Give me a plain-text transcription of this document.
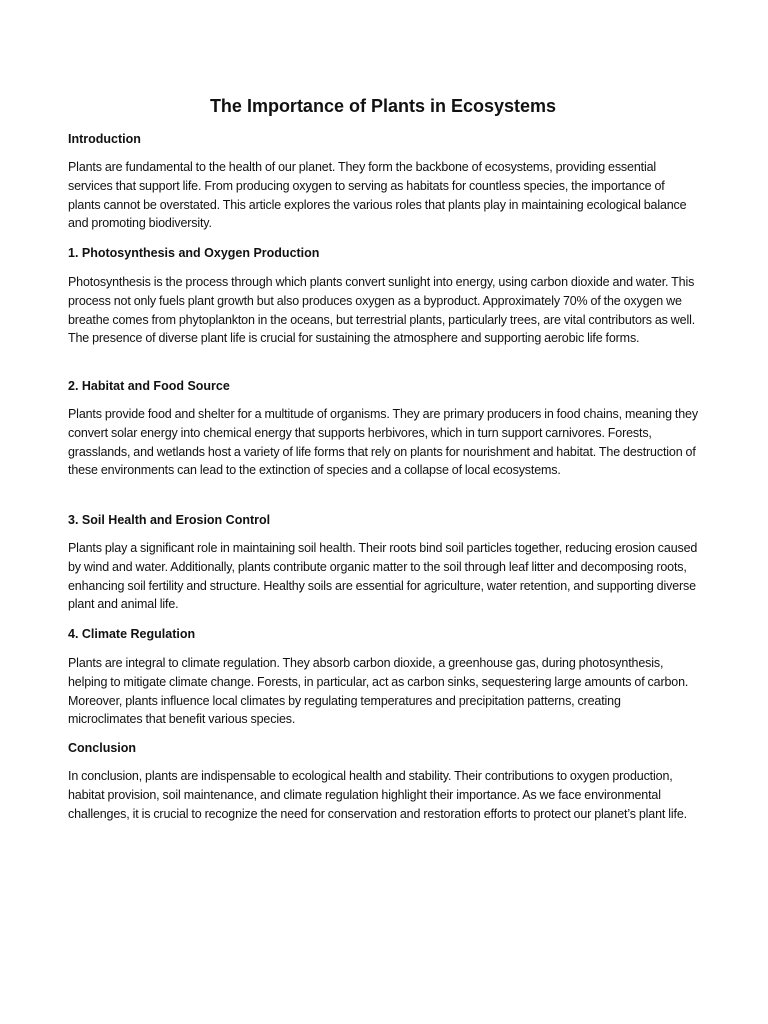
The Importance of Plants in Ecosystems
Introduction

Plants are fundamental to the health of our planet. They form the backbone of ecosystems, providing essential services that support life. From producing oxygen to serving as habitats for countless species, the importance of plants cannot be overstated. This article explores the various roles that plants play in maintaining ecological balance and promoting biodiversity.

1. Photosynthesis and Oxygen Production

Photosynthesis is the process through which plants convert sunlight into energy, using carbon dioxide and water. This process not only fuels plant growth but also produces oxygen as a byproduct. Approximately 70% of the oxygen we breathe comes from phytoplankton in the oceans, but terrestrial plants, particularly trees, are vital contributors as well. The presence of diverse plant life is crucial for sustaining the atmosphere and supporting aerobic life forms.

2. Habitat and Food Source

Plants provide food and shelter for a multitude of organisms. They are primary producers in food chains, meaning they convert solar energy into chemical energy that supports herbivores, which in turn support carnivores. Forests, grasslands, and wetlands host a variety of life forms that rely on plants for nourishment and habitat. The destruction of these environments can lead to the extinction of species and a collapse of local ecosystems.

3. Soil Health and Erosion Control

Plants play a significant role in maintaining soil health. Their roots bind soil particles together, reducing erosion caused by wind and water. Additionally, plants contribute organic matter to the soil through leaf litter and decomposing roots, enhancing soil fertility and structure. Healthy soils are essential for agriculture, water retention, and supporting diverse plant and animal life.

4. Climate Regulation

Plants are integral to climate regulation. They absorb carbon dioxide, a greenhouse gas, during photosynthesis, helping to mitigate climate change. Forests, in particular, act as carbon sinks, sequestering large amounts of carbon. Moreover, plants influence local climates by regulating temperatures and precipitation patterns, creating microclimates that benefit various species.

Conclusion

In conclusion, plants are indispensable to ecological health and stability. Their contributions to oxygen production, habitat provision, soil maintenance, and climate regulation highlight their importance. As we face environmental challenges, it is crucial to recognize the need for conservation and restoration efforts to protect our planet’s plant life.
